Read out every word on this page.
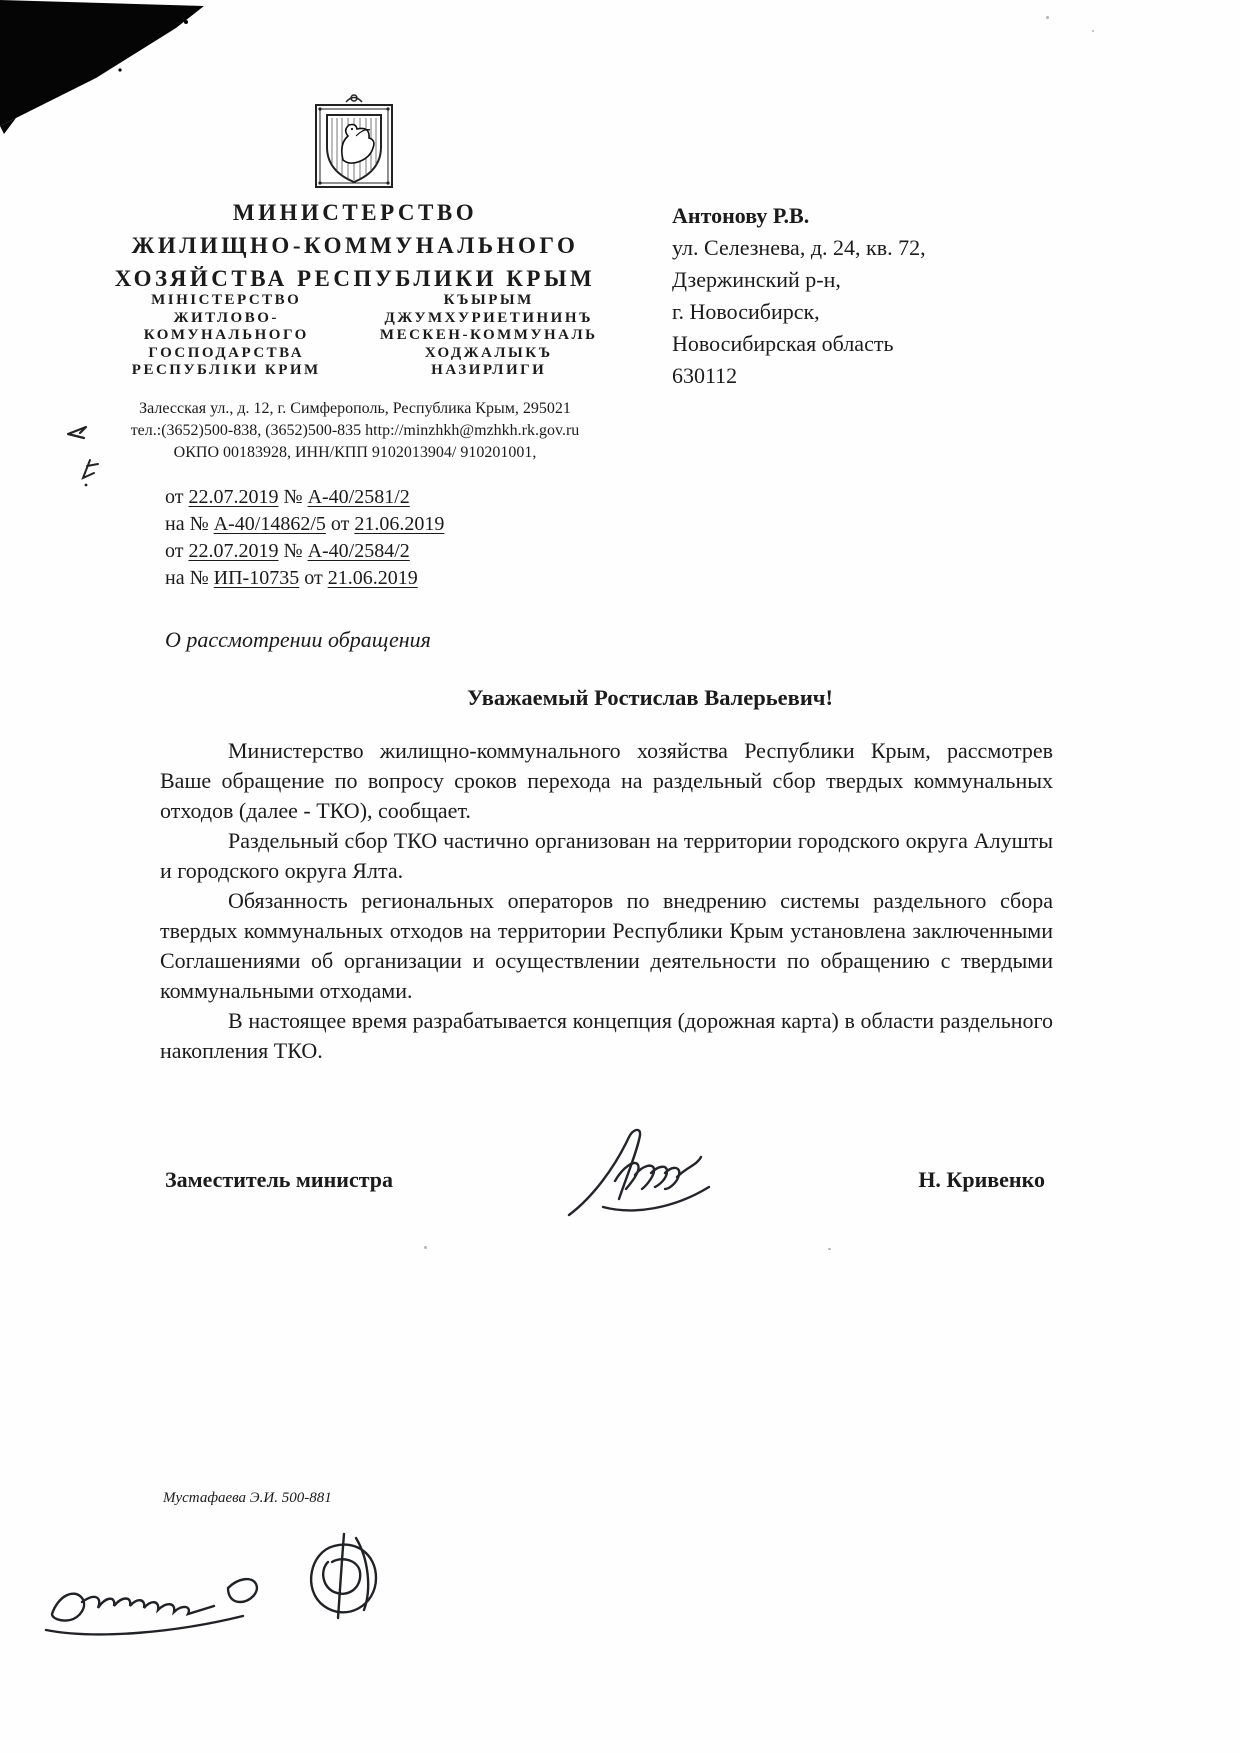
МИНИСТЕРСТВО
ЖИЛИЩНО-КОММУНАЛЬНОГО
ХОЗЯЙСТВА РЕСПУБЛИКИ КРЫМ
МІНІСТЕРСТВО
ЖИТЛОВО-
КОМУНАЛЬНОГО
ГОСПОДАРСТВА
РЕСПУБЛІКИ КРИМ
КЪЫРЫМ
ДЖУМХУРИЕТИНИНЪ
МЕСКЕН-КОММУНАЛЬ
ХОДЖАЛЫКЪ
НАЗИРЛИГИ
Залесская ул., д. 12, г. Симферополь, Республика Крым, 295021
тел.:(3652)500-838, (3652)500-835 http://minzhkh@mzhkh.rk.gov.ru
ОКПО 00183928, ИНН/КПП 9102013904/ 910201001,
Антонову Р.В.
ул. Селезнева, д. 24, кв. 72,
Дзержинский р-н,
г. Новосибирск,
Новосибирская область
630112
от 22.07.2019 № А-40/2581/2
на № А-40/14862/5 от 21.06.2019
от 22.07.2019 № А-40/2584/2
на № ИП-10735 от 21.06.2019
О рассмотрении обращения
Уважаемый Ростислав Валерьевич!

Министерство жилищно-коммунального хозяйства Республики Крым, рассмотрев Ваше обращение по вопросу сроков перехода на раздельный сбор твердых коммунальных отходов (далее - ТКО), сообщает.

Раздельный сбор ТКО частично организован на территории городского округа Алушты и городского округа Ялта.

Обязанность региональных операторов по внедрению системы раздельного сбора твердых коммунальных отходов на территории Республики Крым установлена заключенными Соглашениями об организации и осуществлении деятельности по обращению с твердыми коммунальными отходами.

В настоящее время разрабатывается концепция (дорожная карта) в области раздельного накопления ТКО.

Заместитель министра	Н. Кривенко
Мустафаева Э.И. 500-881
